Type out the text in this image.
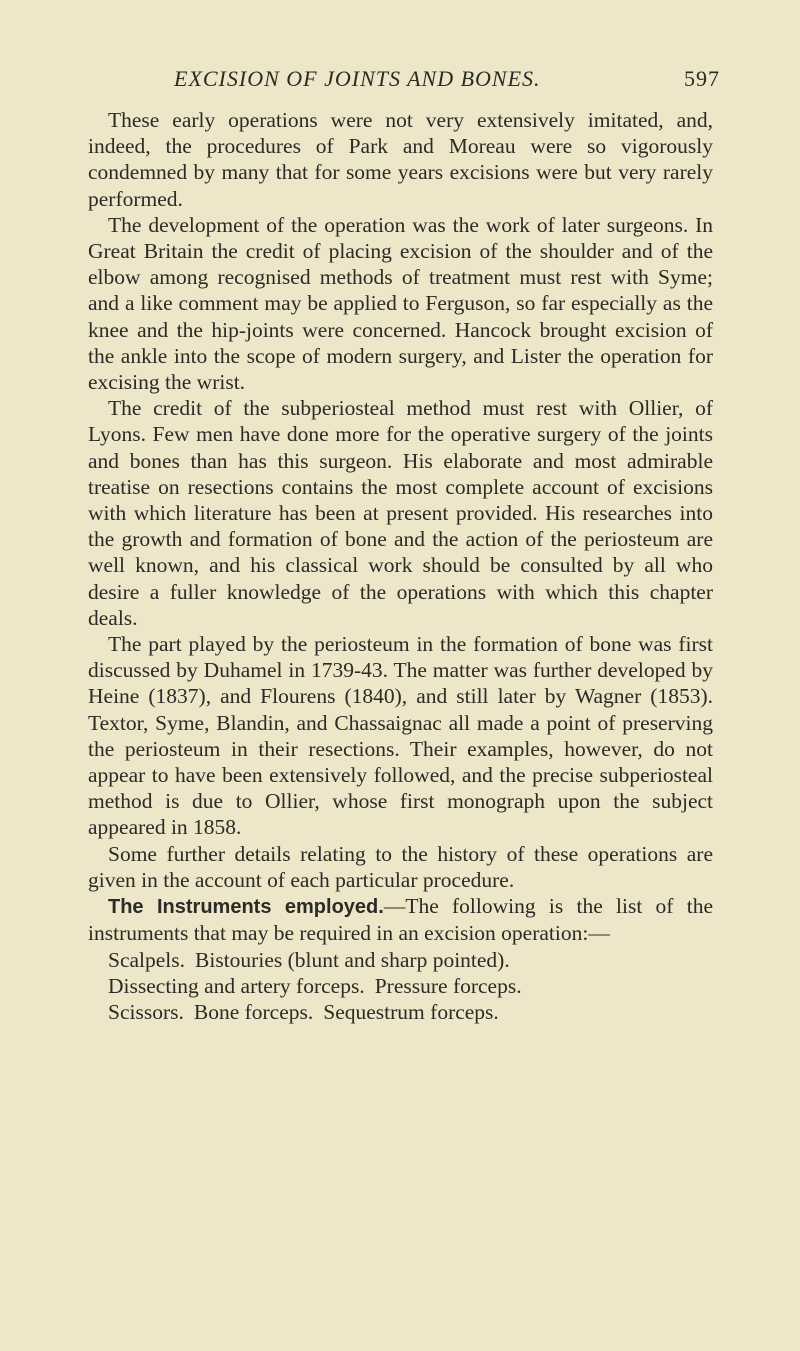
EXCISION OF JOINTS AND BONES.	597

These early operations were not very extensively imitated, and, indeed, the procedures of Park and Moreau were so vigorously condemned by many that for some years excisions were but very rarely performed.

The development of the operation was the work of later surgeons. In Great Britain the credit of placing excision of the shoulder and of the elbow among recognised methods of treatment must rest with Syme; and a like comment may be applied to Ferguson, so far especially as the knee and the hip-joints were concerned. Hancock brought excision of the ankle into the scope of modern surgery, and Lister the operation for excising the wrist.

The credit of the subperiosteal method must rest with Ollier, of Lyons. Few men have done more for the operative surgery of the joints and bones than has this surgeon. His elaborate and most admirable treatise on resections contains the most complete account of excisions with which literature has been at present provided. His researches into the growth and formation of bone and the action of the periosteum are well known, and his classical work should be consulted by all who desire a fuller knowledge of the operations with which this chapter deals.

The part played by the periosteum in the formation of bone was first discussed by Duhamel in 1739-43. The matter was further developed by Heine (1837), and Flourens (1840), and still later by Wagner (1853). Textor, Syme, Blandin, and Chassaignac all made a point of preserving the periosteum in their resections. Their examples, however, do not appear to have been extensively followed, and the precise subperiosteal method is due to Ollier, whose first monograph upon the subject appeared in 1858.

Some further details relating to the history of these operations are given in the account of each particular procedure.

The Instruments employed.—The following is the list of the instruments that may be required in an excision operation:—

Scalpels. Bistouries (blunt and sharp pointed).
Dissecting and artery forceps. Pressure forceps.
Scissors. Bone forceps. Sequestrum forceps.
